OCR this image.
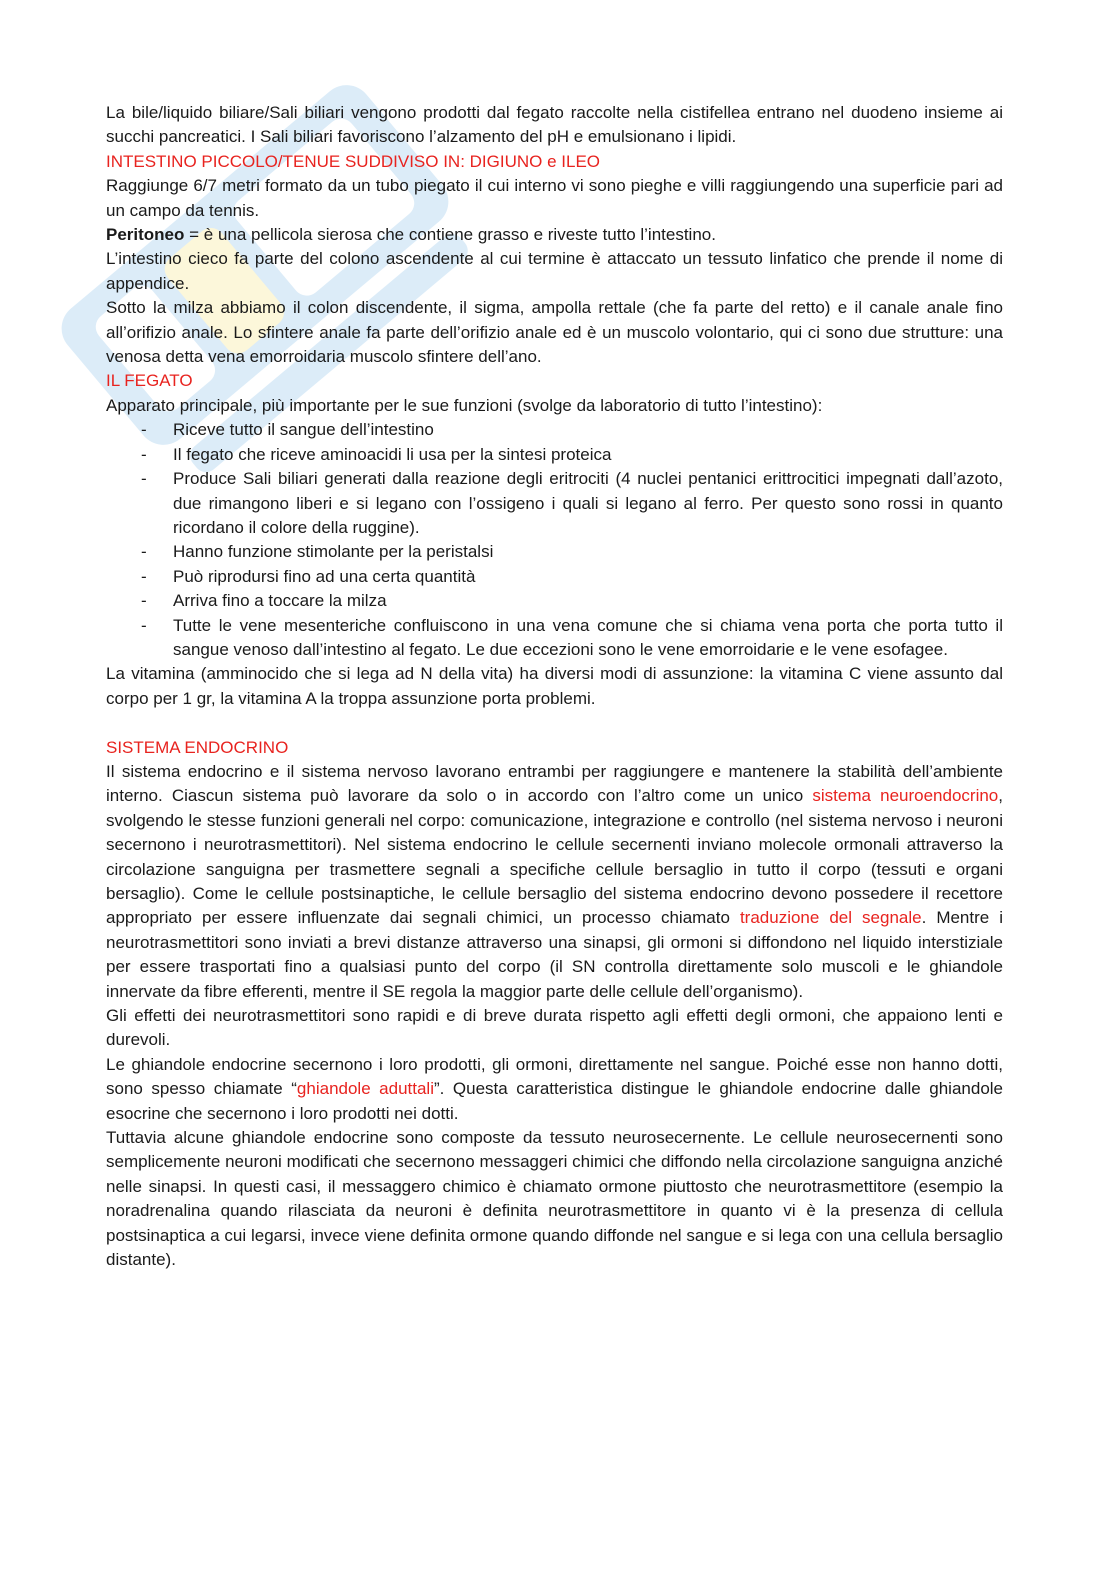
La bile/liquido biliare/Sali biliari vengono prodotti dal fegato raccolte nella cistifellea entrano nel duodeno insieme ai succhi pancreatici. I Sali biliari favoriscono l’alzamento del pH e emulsionano i lipidi.

INTESTINO PICCOLO/TENUE SUDDIVISO IN: DIGIUNO e ILEO

Raggiunge 6/7 metri formato da un tubo piegato il cui interno vi sono pieghe e villi raggiungendo una superficie pari ad un campo da tennis.

Peritoneo = è una pellicola sierosa che contiene grasso e riveste tutto l’intestino.

L’intestino cieco fa parte del colono ascendente al cui termine è attaccato un tessuto linfatico che prende il nome di appendice.

Sotto la milza abbiamo il colon discendente, il sigma, ampolla rettale (che fa parte del retto) e il canale anale fino all’orifizio anale. Lo sfintere anale fa parte dell’orifizio anale ed è un muscolo volontario, qui ci sono due strutture: una venosa detta vena emorroidaria muscolo sfintere dell’ano.

IL FEGATO

Apparato principale, più importante per le sue funzioni (svolge da laboratorio di tutto l’intestino):

- Riceve tutto il sangue dell’intestino
- Il fegato che riceve aminoacidi li usa per la sintesi proteica
- Produce Sali biliari generati dalla reazione degli eritrociti (4 nuclei pentanici erittrocitici impegnati dall’azoto, due rimangono liberi e si legano con l’ossigeno i quali si legano al ferro. Per questo sono rossi in quanto ricordano il colore della ruggine).
- Hanno funzione stimolante per la peristalsi
- Può riprodursi fino ad una certa quantità
- Arriva fino a toccare la milza
- Tutte le vene mesenteriche confluiscono in una vena comune che si chiama vena porta che porta tutto il sangue venoso dall’intestino al fegato. Le due eccezioni sono le vene emorroidarie e le vene esofagee.

La vitamina (amminocido che si lega ad N della vita) ha diversi modi di assunzione: la vitamina C viene assunto dal corpo per 1 gr, la vitamina A la troppa assunzione porta problemi.

SISTEMA ENDOCRINO

Il sistema endocrino e il sistema nervoso lavorano entrambi per raggiungere e mantenere la stabilità dell’ambiente interno. Ciascun sistema può lavorare da solo o in accordo con l’altro come un unico sistema neuroendocrino, svolgendo le stesse funzioni generali nel corpo: comunicazione, integrazione e controllo (nel sistema nervoso i neuroni secernono i neurotrasmettitori). Nel sistema endocrino le cellule secernenti inviano molecole ormonali attraverso la circolazione sanguigna per trasmettere segnali a specifiche cellule bersaglio in tutto il corpo (tessuti e organi bersaglio). Come le cellule postsinaptiche, le cellule bersaglio del sistema endocrino devono possedere il recettore appropriato per essere influenzate dai segnali chimici, un processo chiamato traduzione del segnale. Mentre i neurotrasmettitori sono inviati a brevi distanze attraverso una sinapsi, gli ormoni si diffondono nel liquido interstiziale per essere trasportati fino a qualsiasi punto del corpo (il SN controlla direttamente solo muscoli e le ghiandole innervate da fibre efferenti, mentre il SE regola la maggior parte delle cellule dell’organismo).

Gli effetti dei neurotrasmettitori sono rapidi e di breve durata rispetto agli effetti degli ormoni, che appaiono lenti e durevoli.

Le ghiandole endocrine secernono i loro prodotti, gli ormoni, direttamente nel sangue. Poiché esse non hanno dotti, sono spesso chiamate “ghiandole aduttali”. Questa caratteristica distingue le ghiandole endocrine dalle ghiandole esocrine che secernono i loro prodotti nei dotti.

Tuttavia alcune ghiandole endocrine sono composte da tessuto neurosecernente. Le cellule neurosecernenti sono semplicemente neuroni modificati che secernono messaggeri chimici che diffondo nella circolazione sanguigna anziché nelle sinapsi. In questi casi, il messaggero chimico è chiamato ormone piuttosto che neurotrasmettitore (esempio la noradrenalina quando rilasciata da neuroni è definita neurotrasmettitore in quanto vi è la presenza di cellula postsinaptica a cui legarsi, invece viene definita ormone quando diffonde nel sangue e si lega con una cellula bersaglio distante).
